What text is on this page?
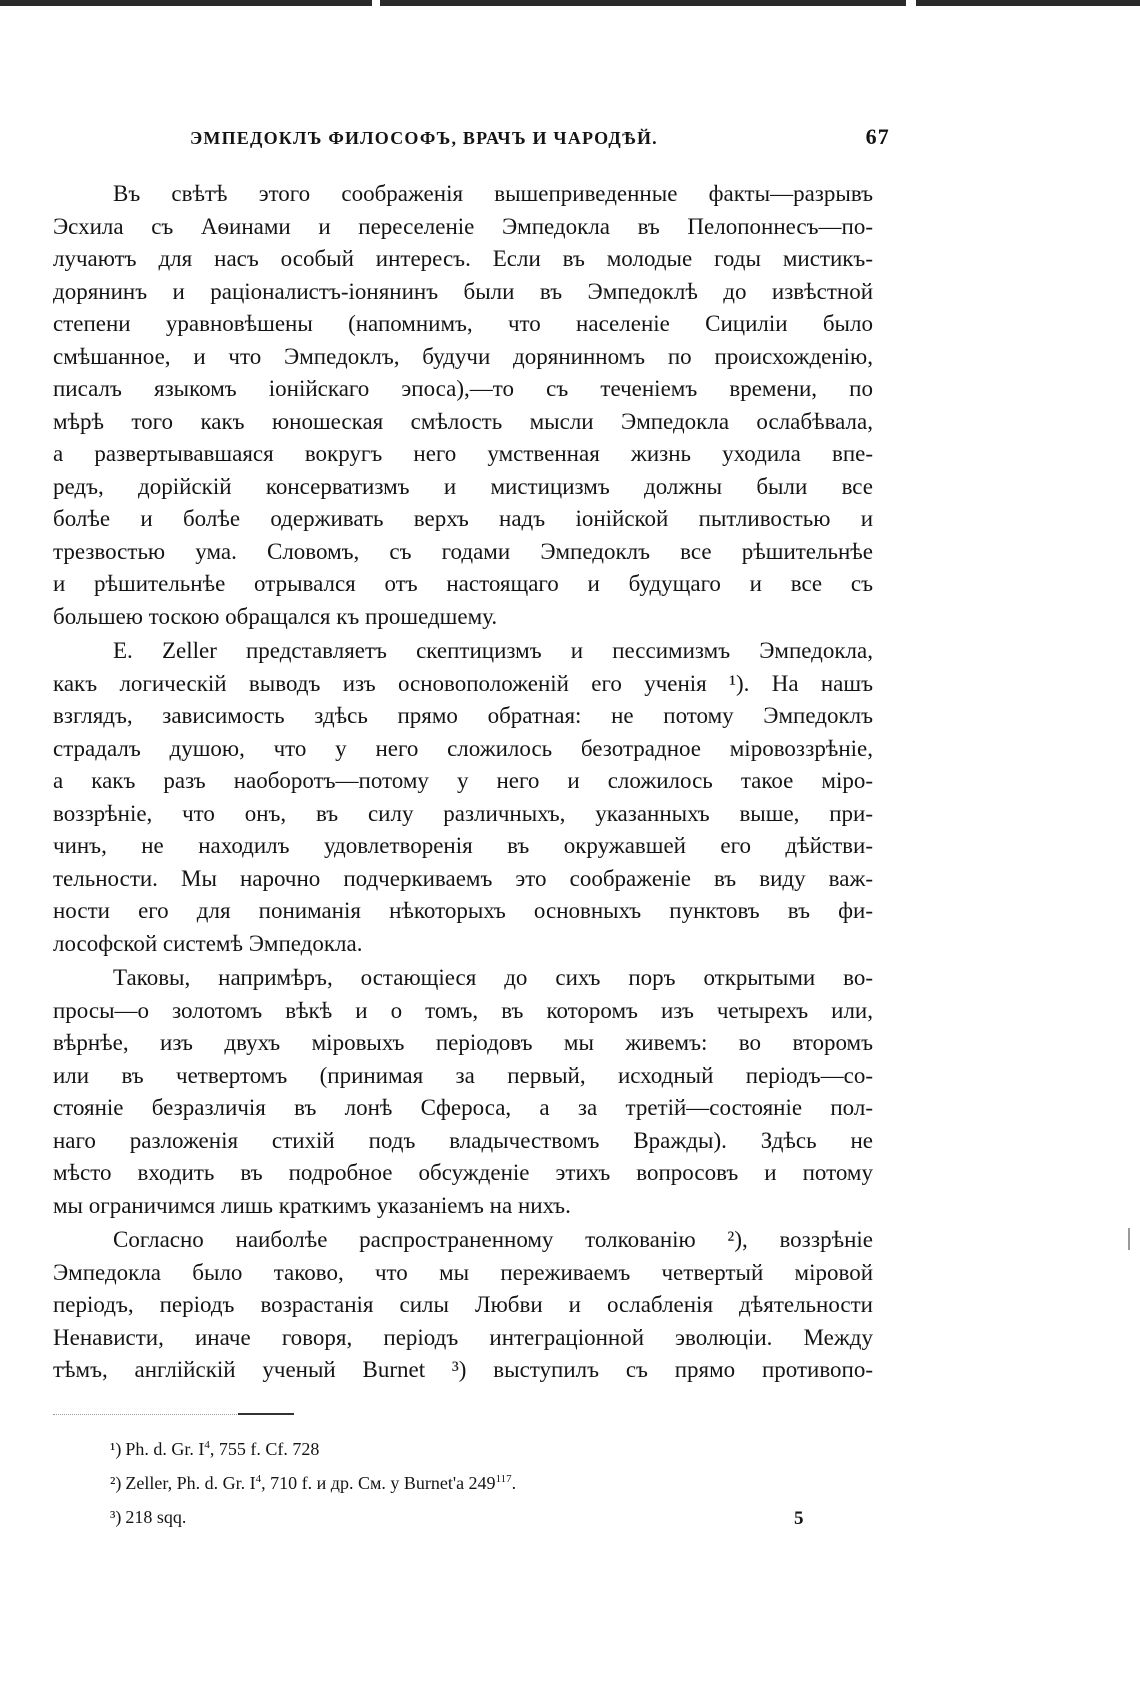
ЭМПЕДОКЛЪ ФИЛОСОФЪ, ВРАЧЪ И ЧАРОДѢЙ.	67

Въ свѣтѣ этого соображенія вышеприведенные факты—разрывъ
Эсхила съ Аѳинами и переселеніе Эмпедокла въ Пелопоннесъ—по-
лучаютъ для насъ особый интересъ. Если въ молодые годы мистикъ-
дорянинъ и раціоналистъ-іонянинъ были въ Эмпедоклѣ до извѣстной
степени уравновѣшены (напомнимъ, что населеніе Сициліи было
смѣшанное, и что Эмпедоклъ, будучи дорянинномъ по происхожденію,
писалъ языкомъ іонійскаго эпоса),—то съ теченіемъ времени, по
мѣрѣ того какъ юношеская смѣлость мысли Эмпедокла ослабѣвала,
а развертывавшаяся вокругъ него умственная жизнь уходила впе-
редъ, дорійскій консерватизмъ и мистицизмъ должны были все
болѣе и болѣе одерживать верхъ надъ іонійской пытливостью и
трезвостью ума. Словомъ, съ годами Эмпедоклъ все рѣшительнѣе
и рѣшительнѣе отрывался отъ настоящаго и будущаго и все съ
большею тоскою обращался къ прошедшему.

E. Zeller представляетъ скептицизмъ и пессимизмъ Эмпедокла,
какъ логическій выводъ изъ основоположеній его ученія ¹). На нашъ
взглядъ, зависимость здѣсь прямо обратная: не потому Эмпедоклъ
страдалъ душою, что у него сложилось безотрадное міровоззрѣніе,
а какъ разъ наоборотъ—потому у него и сложилось такое міро-
воззрѣніе, что онъ, въ силу различныхъ, указанныхъ выше, при-
чинъ, не находилъ удовлетворенія въ окружавшей его дѣйстви-
тельности. Мы нарочно подчеркиваемъ это соображеніе въ виду важ-
ности его для пониманія нѣкоторыхъ основныхъ пунктовъ въ фи-
лософской системѣ Эмпедокла.

Таковы, напримѣръ, остающіеся до сихъ поръ открытыми во-
просы—о золотомъ вѣкѣ и о томъ, въ которомъ изъ четырехъ или,
вѣрнѣе, изъ двухъ міровыхъ періодовъ мы живемъ: во второмъ
или въ четвертомъ (принимая за первый, исходный періодъ—со-
стояніе безразличія въ лонѣ Сфероса, а за третій—состояніе пол-
наго разложенія стихій подъ владычествомъ Вражды). Здѣсь не
мѣсто входить въ подробное обсужденіе этихъ вопросовъ и потому
мы ограничимся лишь краткимъ указаніемъ на нихъ.

Согласно наиболѣе распространенному толкованію ²), воззрѣніе
Эмпедокла было таково, что мы переживаемъ четвертый міровой
періодъ, періодъ возрастанія силы Любви и ослабленія дѣятельности
Ненависти, иначе говоря, періодъ интеграціонной эволюціи. Между
тѣмъ, англійскій ученый Burnet ³) выступилъ съ прямо противопо-

¹) Ph. d. Gr. $I^4$, 755 f. Cf. 728
²) Zeller, Ph. d. Gr. $I^4$, 710 f. и др. См. у Burnet'а $249^{117}$.
³) 218 sqq.	5
